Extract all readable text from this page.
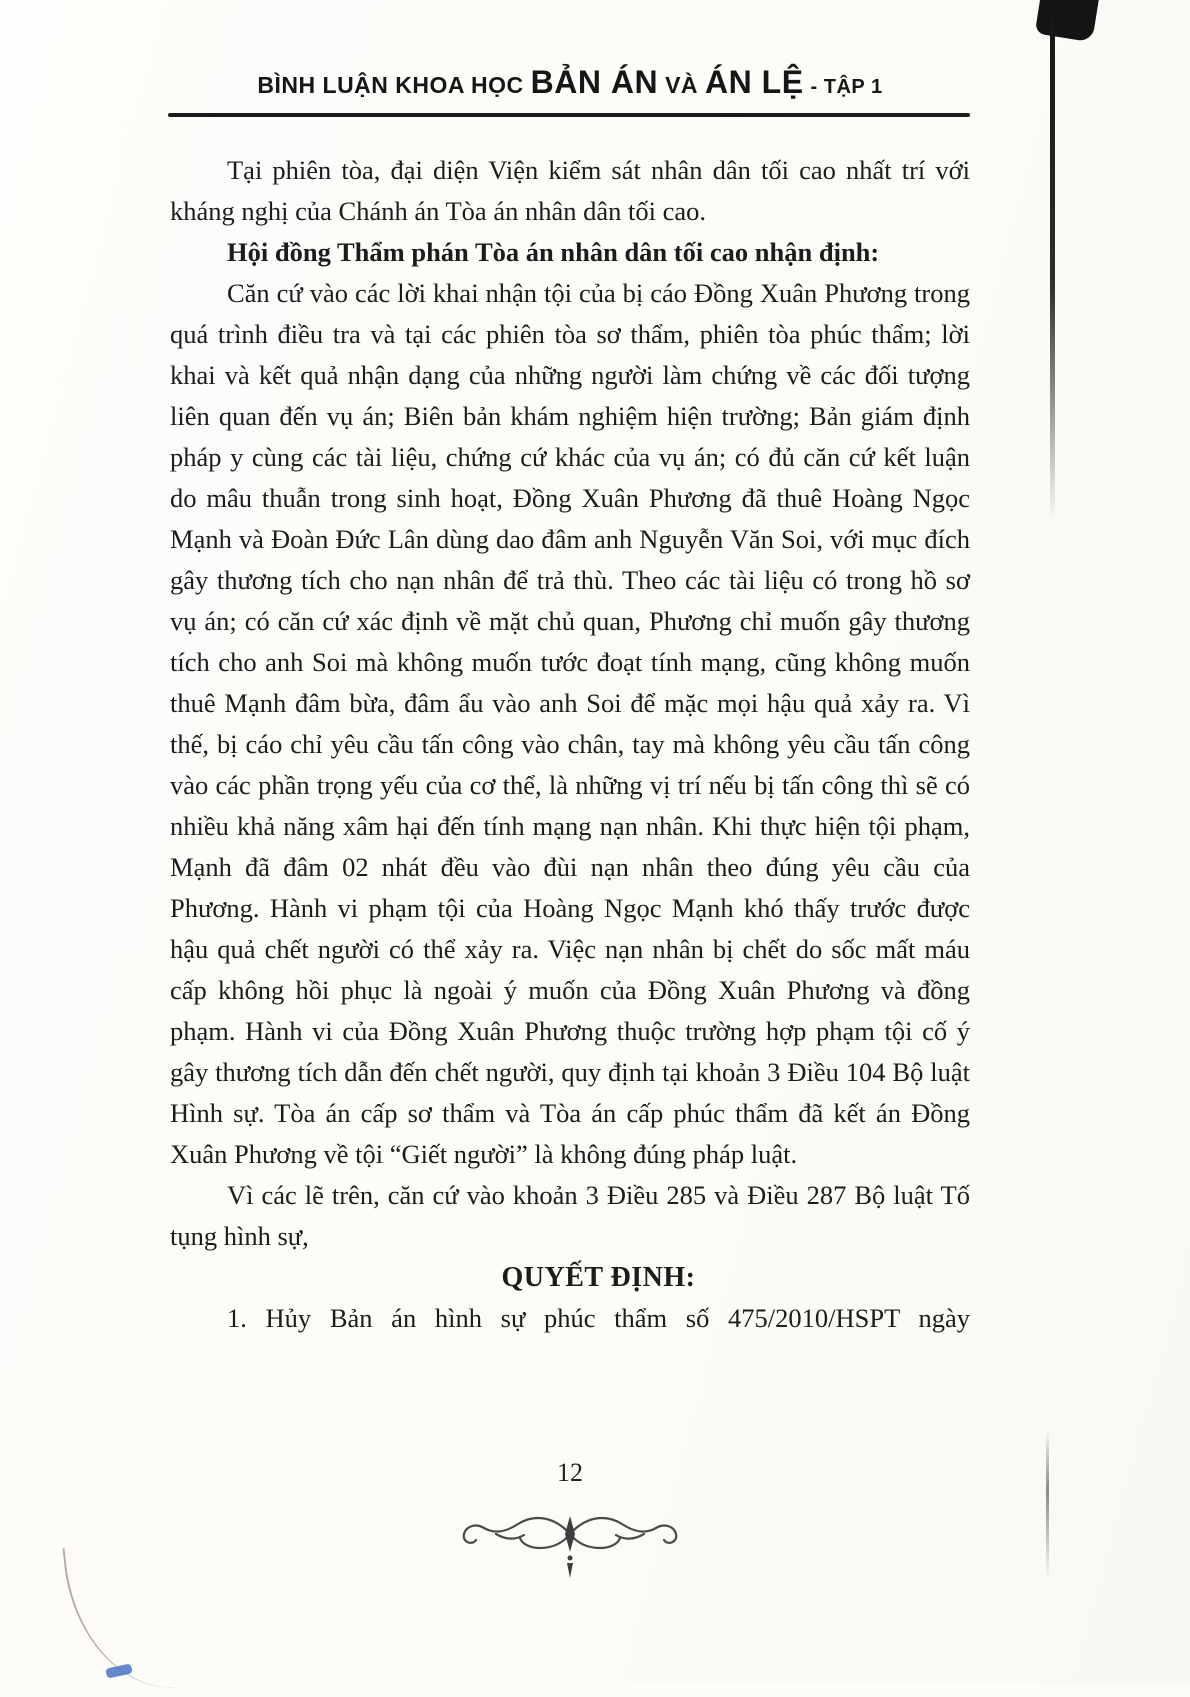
BÌNH LUẬN KHOA HỌC BẢN ÁN VÀ ÁN LỆ - TẬP 1

Tại phiên tòa, đại diện Viện kiểm sát nhân dân tối cao nhất trí với kháng nghị của Chánh án Tòa án nhân dân tối cao.

Hội đồng Thẩm phán Tòa án nhân dân tối cao nhận định:

Căn cứ vào các lời khai nhận tội của bị cáo Đồng Xuân Phương trong quá trình điều tra và tại các phiên tòa sơ thẩm, phiên tòa phúc thẩm; lời khai và kết quả nhận dạng của những người làm chứng về các đối tượng liên quan đến vụ án; Biên bản khám nghiệm hiện trường; Bản giám định pháp y cùng các tài liệu, chứng cứ khác của vụ án; có đủ căn cứ kết luận do mâu thuẫn trong sinh hoạt, Đồng Xuân Phương đã thuê Hoàng Ngọc Mạnh và Đoàn Đức Lân dùng dao đâm anh Nguyễn Văn Soi, với mục đích gây thương tích cho nạn nhân để trả thù. Theo các tài liệu có trong hồ sơ vụ án; có căn cứ xác định về mặt chủ quan, Phương chỉ muốn gây thương tích cho anh Soi mà không muốn tước đoạt tính mạng, cũng không muốn thuê Mạnh đâm bừa, đâm ẩu vào anh Soi để mặc mọi hậu quả xảy ra. Vì thế, bị cáo chỉ yêu cầu tấn công vào chân, tay mà không yêu cầu tấn công vào các phần trọng yếu của cơ thể, là những vị trí nếu bị tấn công thì sẽ có nhiều khả năng xâm hại đến tính mạng nạn nhân. Khi thực hiện tội phạm, Mạnh đã đâm 02 nhát đều vào đùi nạn nhân theo đúng yêu cầu của Phương. Hành vi phạm tội của Hoàng Ngọc Mạnh khó thấy trước được hậu quả chết người có thể xảy ra. Việc nạn nhân bị chết do sốc mất máu cấp không hồi phục là ngoài ý muốn của Đồng Xuân Phương và đồng phạm. Hành vi của Đồng Xuân Phương thuộc trường hợp phạm tội cố ý gây thương tích dẫn đến chết người, quy định tại khoản 3 Điều 104 Bộ luật Hình sự. Tòa án cấp sơ thẩm và Tòa án cấp phúc thẩm đã kết án Đồng Xuân Phương về tội “Giết người” là không đúng pháp luật.

Vì các lẽ trên, căn cứ vào khoản 3 Điều 285 và Điều 287 Bộ luật Tố tụng hình sự,

QUYẾT ĐỊNH:

1. Hủy Bản án hình sự phúc thẩm số 475/2010/HSPT ngày

12
